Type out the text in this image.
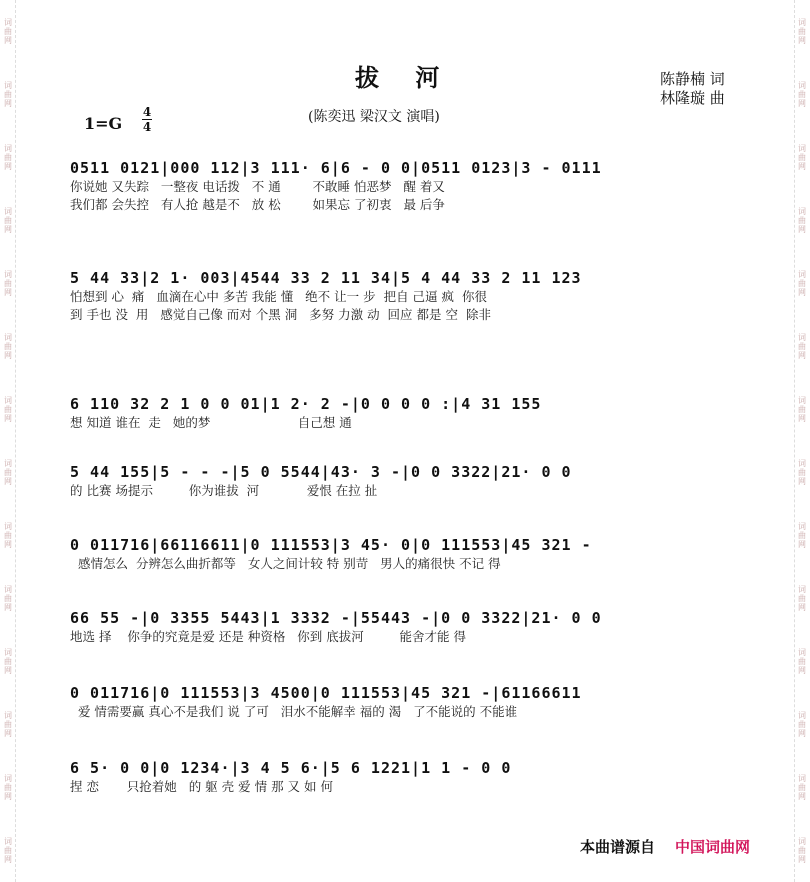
词曲网
词曲网
词曲网
词曲网
词曲网
词曲网
词曲网
词曲网
词曲网
词曲网
词曲网
词曲网
词曲网
词曲网
词曲网
词曲网
词曲网
词曲网
词曲网
词曲网
词曲网
词曲网
词曲网
词曲网
词曲网
词曲网
词曲网
词曲网
拔 河	陈静楠 词
林隆璇 曲
1=G
4
4
(陈奕迅 梁汉文 演唱)
0511 0121|000 112|3 111· 6|6 - 0 0|0511 0123|3 - 0111
你说她 又失踪   一整夜 电话拨   不 通        不敢睡 怕恶梦   醒 着又
我们都 会失控   有人抢 越是不   放 松        如果忘 了初衷   最 后争
5 44 33|2 1· 003|4544 33 2 11 34|5 4 44 33 2 11 123
怕想到 心  痛   血滴在心中 多苦 我能 懂   绝不 让一 步  把自 己逼 疯  你很
到 手也 没  用   感觉自己像 而对 个黑 洞   多努 力激 动  回应 都是 空  除非
6 110 32 2 1 0 0 01|1 2· 2 -|0 0 0 0 :|4 31 155
想 知道 谁在  走   她的梦                      自己想 通
5 44 155|5 - - -|5 0 5544|43· 3 -|0 0 3322|21· 0 0
的 比赛 场提示         你为谁拔  河            爱恨 在拉 扯
0 011716|66116611|0 111553|3 45· 0|0 111553|45 321 -
感情怎么  分辨怎么曲折都等   女人之间计较 特 别苛   男人的痛很快 不记 得
66 55 -|0 3355 5443|1 3332 -|55443 -|0 0 3322|21· 0 0
地选 择    你争的究竟是爱 还是 种资格   你到 底拔河         能舍才能 得
0 011716|0 111553|3 4500|0 111553|45 321 -|61166611
爱 情需要赢 真心不是我们 说 了可   泪水不能解幸 福的 渴   了不能说的 不能谁
6 5· 0 0|0 1234·|3 4 5 6·|5 6 1221|1 1 - 0 0
捏 恋       只抢着她   的 躯 壳 爱 情 那 又 如 何
本曲谱源自 中国词曲网
